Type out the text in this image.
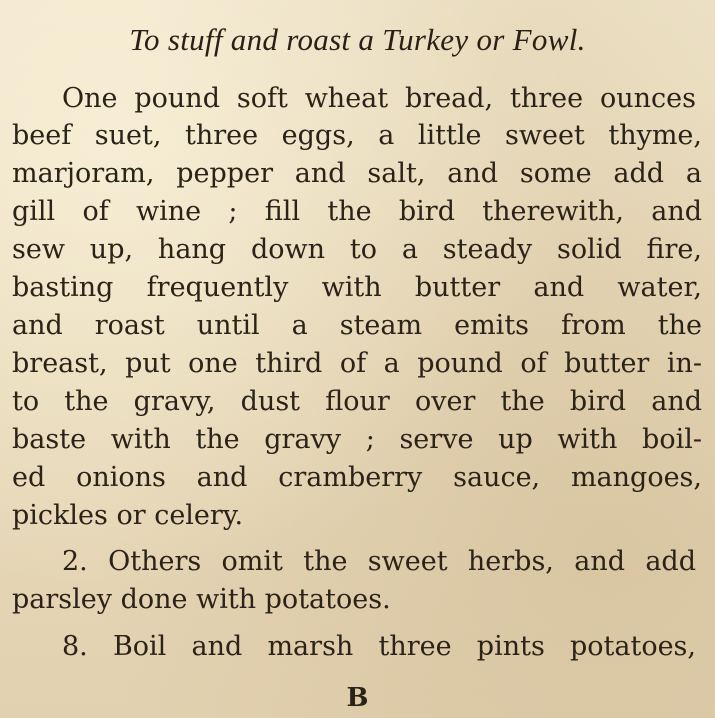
To stuff and roast a Turkey or Fowl.
One pound soft wheat bread, three ounces
beef suet, three eggs, a little sweet thyme,
marjoram, pepper and salt, and some add a
gill of wine ; fill the bird therewith, and
sew up, hang down to a steady solid fire,
basting frequently with butter and water,
and roast until a steam emits from the
breast, put one third of a pound of butter in-
to the gravy, dust flour over the bird and
baste with the gravy ; serve up with boil-
ed onions and cramberry sauce, mangoes,
pickles or celery.
2. Others omit the sweet herbs, and add
parsley done with potatoes.
8. Boil and marsh three pints potatoes,
B
